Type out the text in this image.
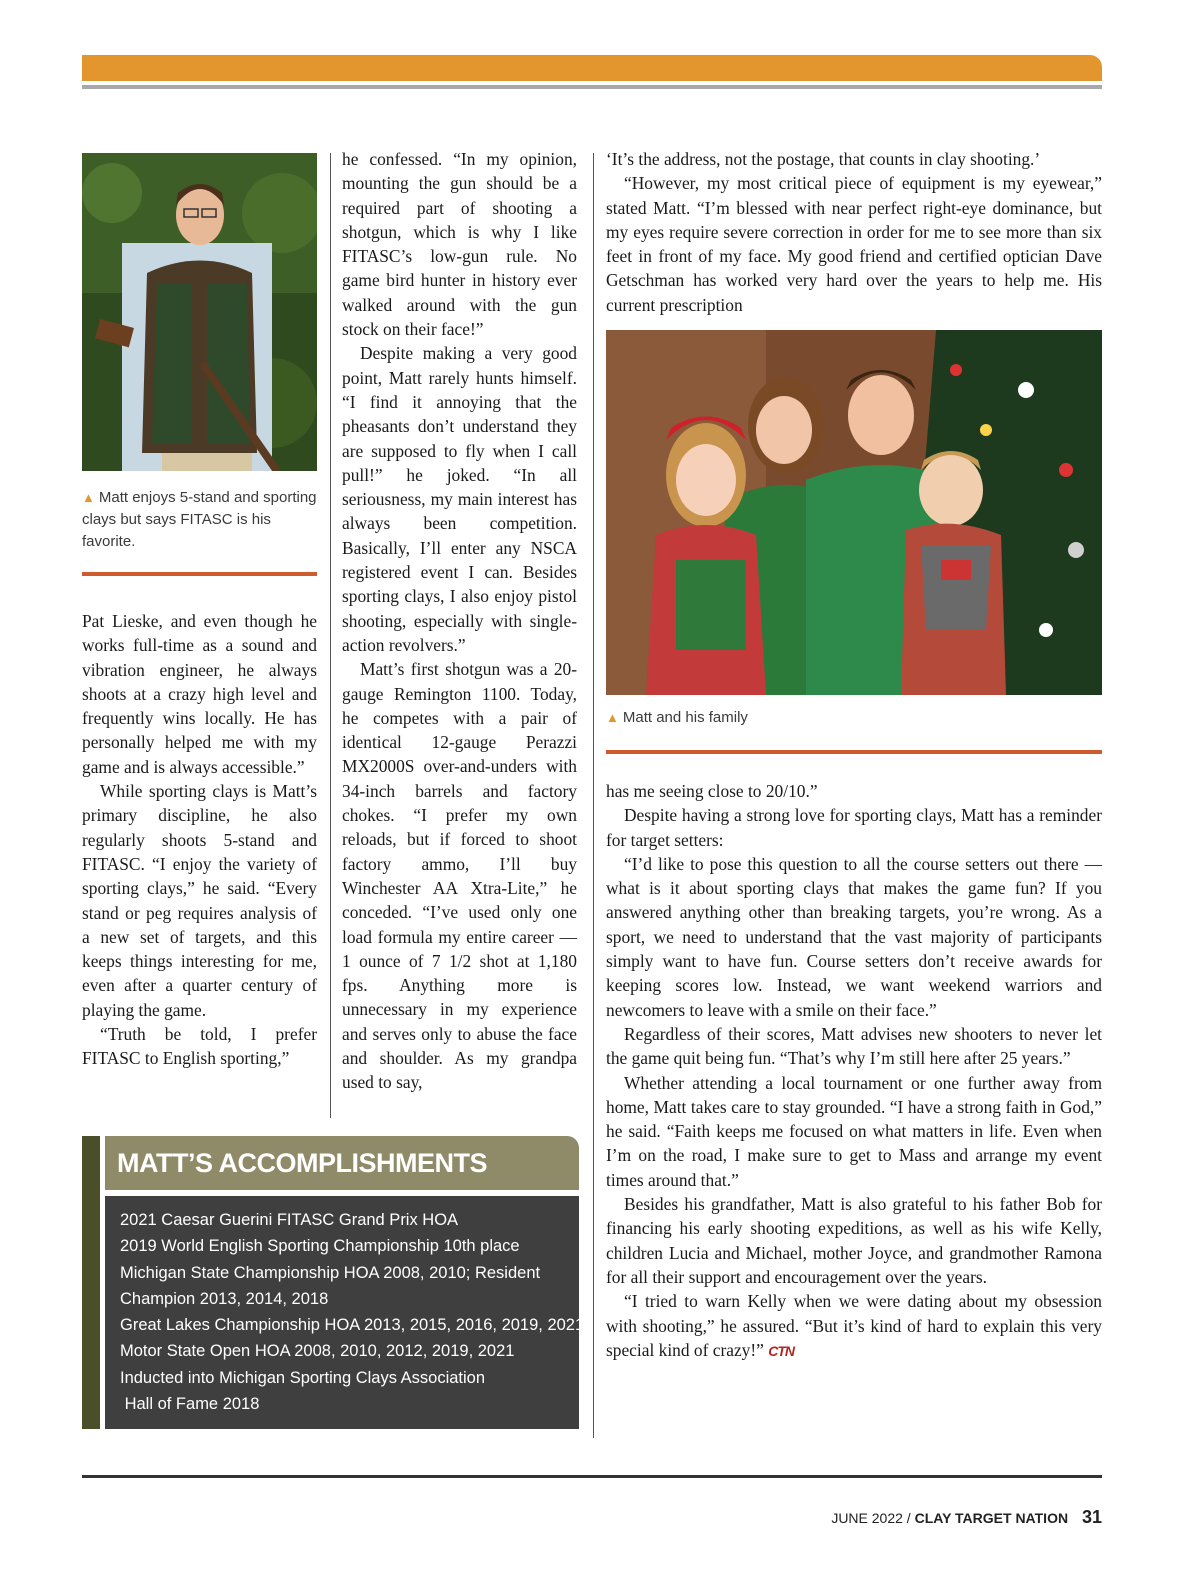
▲ Matt enjoys 5-stand and sporting clays but says FITASC is his favorite.

Pat Lieske, and even though he works full-time as a sound and vibration engineer, he always shoots at a crazy high level and frequently wins locally. He has personally helped me with my game and is always accessible.”

While sporting clays is Matt’s primary discipline, he also regularly shoots 5-stand and FITASC. “I enjoy the variety of sporting clays,” he said. “Every stand or peg requires analysis of a new set of targets, and this keeps things interesting for me, even after a quarter century of playing the game.

“Truth be told, I prefer FITASC to English sporting,”

he confessed. “In my opinion, mounting the gun should be a required part of shooting a shotgun, which is why I like FITASC’s low-gun rule. No game bird hunter in history ever walked around with the gun stock on their face!”

Despite making a very good point, Matt rarely hunts himself. “I find it annoying that the pheasants don’t understand they are supposed to fly when I call pull!” he joked. “In all seriousness, my main interest has always been competition. Basically, I’ll enter any NSCA registered event I can. Besides sporting clays, I also enjoy pistol shooting, especially with single-action revolvers.”

Matt’s first shotgun was a 20-gauge Remington 1100. Today, he competes with a pair of identical 12-gauge Perazzi MX2000S over-and-unders with 34-inch barrels and factory chokes. “I prefer my own reloads, but if forced to shoot factory ammo, I’ll buy Winchester AA Xtra-Lite,” he conceded. “I’ve used only one load formula my entire career — 1 ounce of 7 1/2 shot at 1,180 fps. Anything more is unnecessary in my experience and serves only to abuse the face and shoulder. As my grandpa used to say,

‘It’s the address, not the postage, that counts in clay shooting.’

“However, my most critical piece of equipment is my eyewear,” stated Matt. “I’m blessed with near perfect right-eye dominance, but my eyes require severe correction in order for me to see more than six feet in front of my face. My good friend and certified optician Dave Getschman has worked very hard over the years to help me. His current prescription

▲ Matt and his family

has me seeing close to 20/10.”

Despite having a strong love for sporting clays, Matt has a reminder for target setters:

“I’d like to pose this question to all the course setters out there — what is it about sporting clays that makes the game fun? If you answered anything other than breaking targets, you’re wrong. As a sport, we need to understand that the vast majority of participants simply want to have fun. Course setters don’t receive awards for keeping scores low. Instead, we want weekend warriors and newcomers to leave with a smile on their face.”

Regardless of their scores, Matt advises new shooters to never let the game quit being fun. “That’s why I’m still here after 25 years.”

Whether attending a local tournament or one further away from home, Matt takes care to stay grounded. “I have a strong faith in God,” he said. “Faith keeps me focused on what matters in life. Even when I’m on the road, I make sure to get to Mass and arrange my event times around that.”

Besides his grandfather, Matt is also grateful to his father Bob for financing his early shooting expeditions, as well as his wife Kelly, children Lucia and Michael, mother Joyce, and grandmother Ramona for all their support and encouragement over the years.

“I tried to warn Kelly when we were dating about my obsession with shooting,” he assured. “But it’s kind of hard to explain this very special kind of crazy!” CTN

MATT’S ACCOMPLISHMENTS
2021 Caesar Guerini FITASC Grand Prix HOA
2019 World English Sporting Championship 10th place
Michigan State Championship HOA 2008, 2010; Resident
Champion 2013, 2014, 2018
Great Lakes Championship HOA 2013, 2015, 2016, 2019, 2021
Motor State Open HOA 2008, 2010, 2012, 2019, 2021
Inducted into Michigan Sporting Clays Association
Hall of Fame 2018
JUNE 2022 / CLAY TARGET NATION 31
